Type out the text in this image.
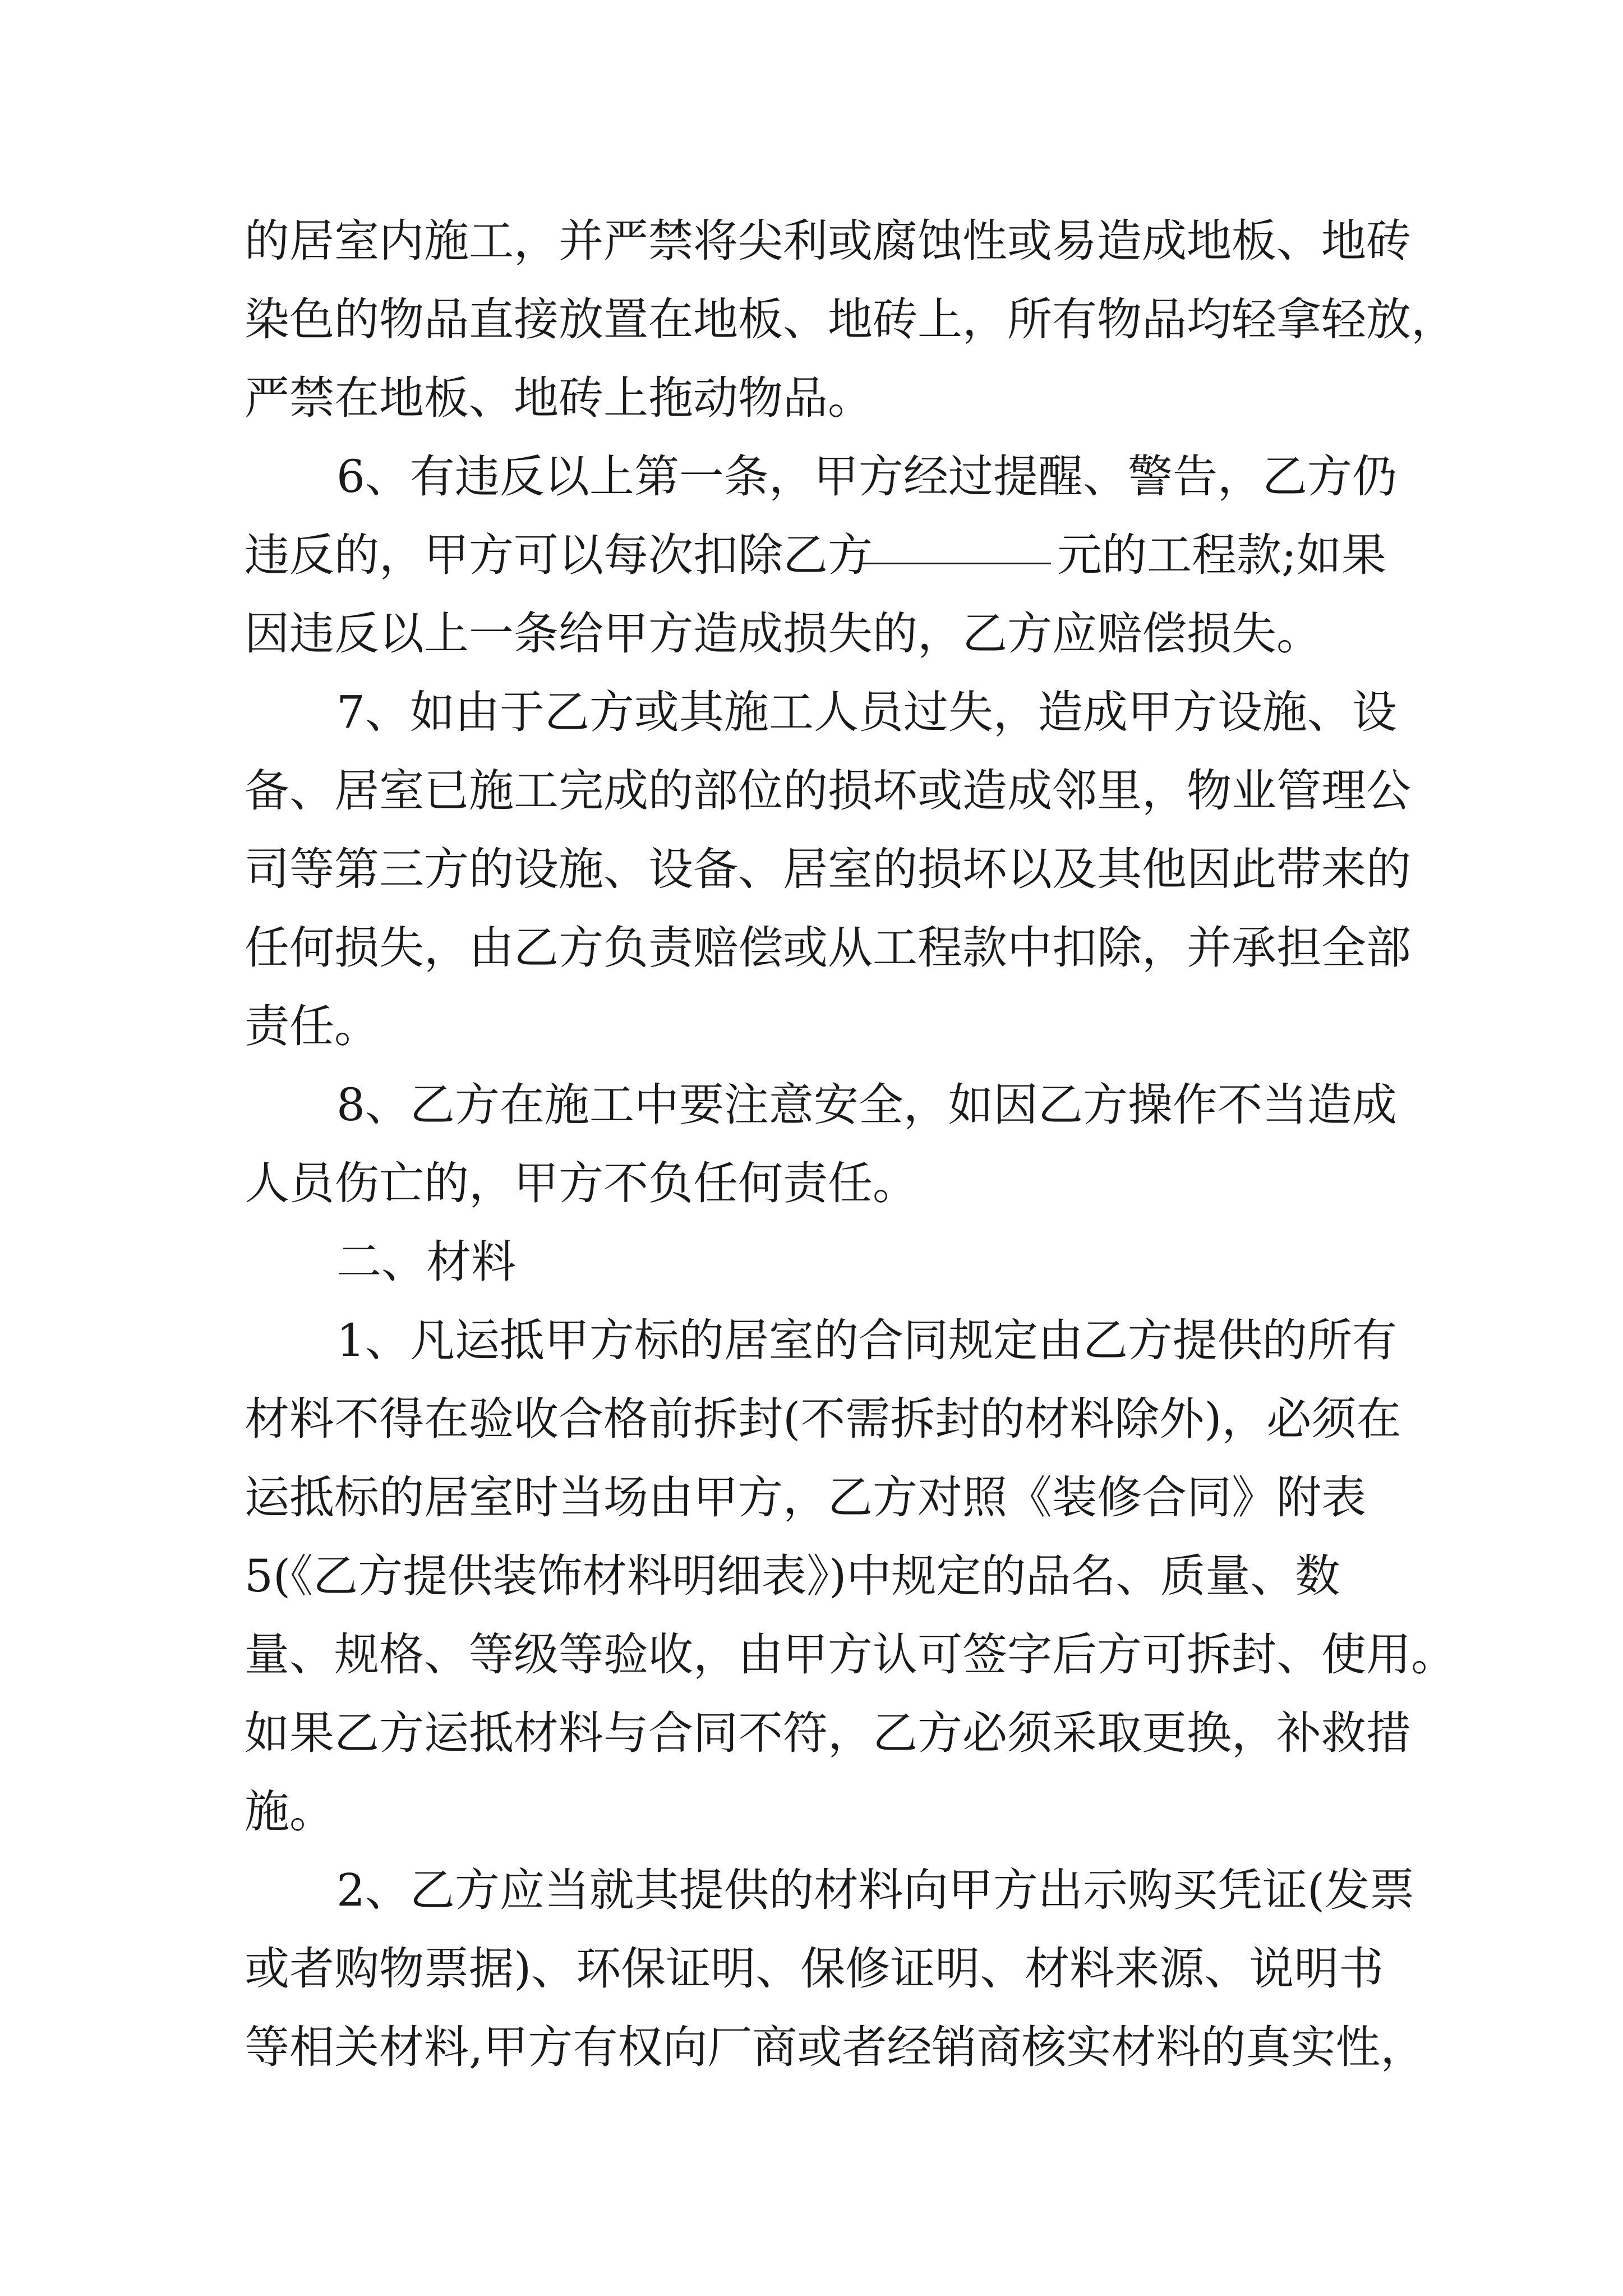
的居室内施工，并严禁将尖利或腐蚀性或易造成地板、地砖
染色的物品直接放置在地板、地砖上，所有物品均轻拿轻放，
严禁在地板、地砖上拖动物品。
6、有违反以上第一条，甲方经过提醒、警告，乙方仍
违反的，甲方可以每次扣除乙方	元的工程款;如果
因违反以上一条给甲方造成损失的，乙方应赔偿损失。
7、如由于乙方或其施工人员过失，造成甲方设施、设
备、居室已施工完成的部位的损坏或造成邻里，物业管理公
司等第三方的设施、设备、居室的损坏以及其他因此带来的
任何损失，由乙方负责赔偿或从工程款中扣除，并承担全部
责任。
8、乙方在施工中要注意安全，如因乙方操作不当造成
人员伤亡的，甲方不负任何责任。
二、材料
1、凡运抵甲方标的居室的合同规定由乙方提供的所有
材料不得在验收合格前拆封(不需拆封的材料除外)，必须在
运抵标的居室时当场由甲方，乙方对照《装修合同》附表
5(《乙方提供装饰材料明细表》)中规定的品名、质量、数
量、规格、等级等验收，由甲方认可签字后方可拆封、使用。
如果乙方运抵材料与合同不符，乙方必须采取更换，补救措
施。
2、乙方应当就其提供的材料向甲方出示购买凭证(发票
或者购物票据)、环保证明、保修证明、材料来源、说明书
等相关材料,甲方有权向厂商或者经销商核实材料的真实性，
